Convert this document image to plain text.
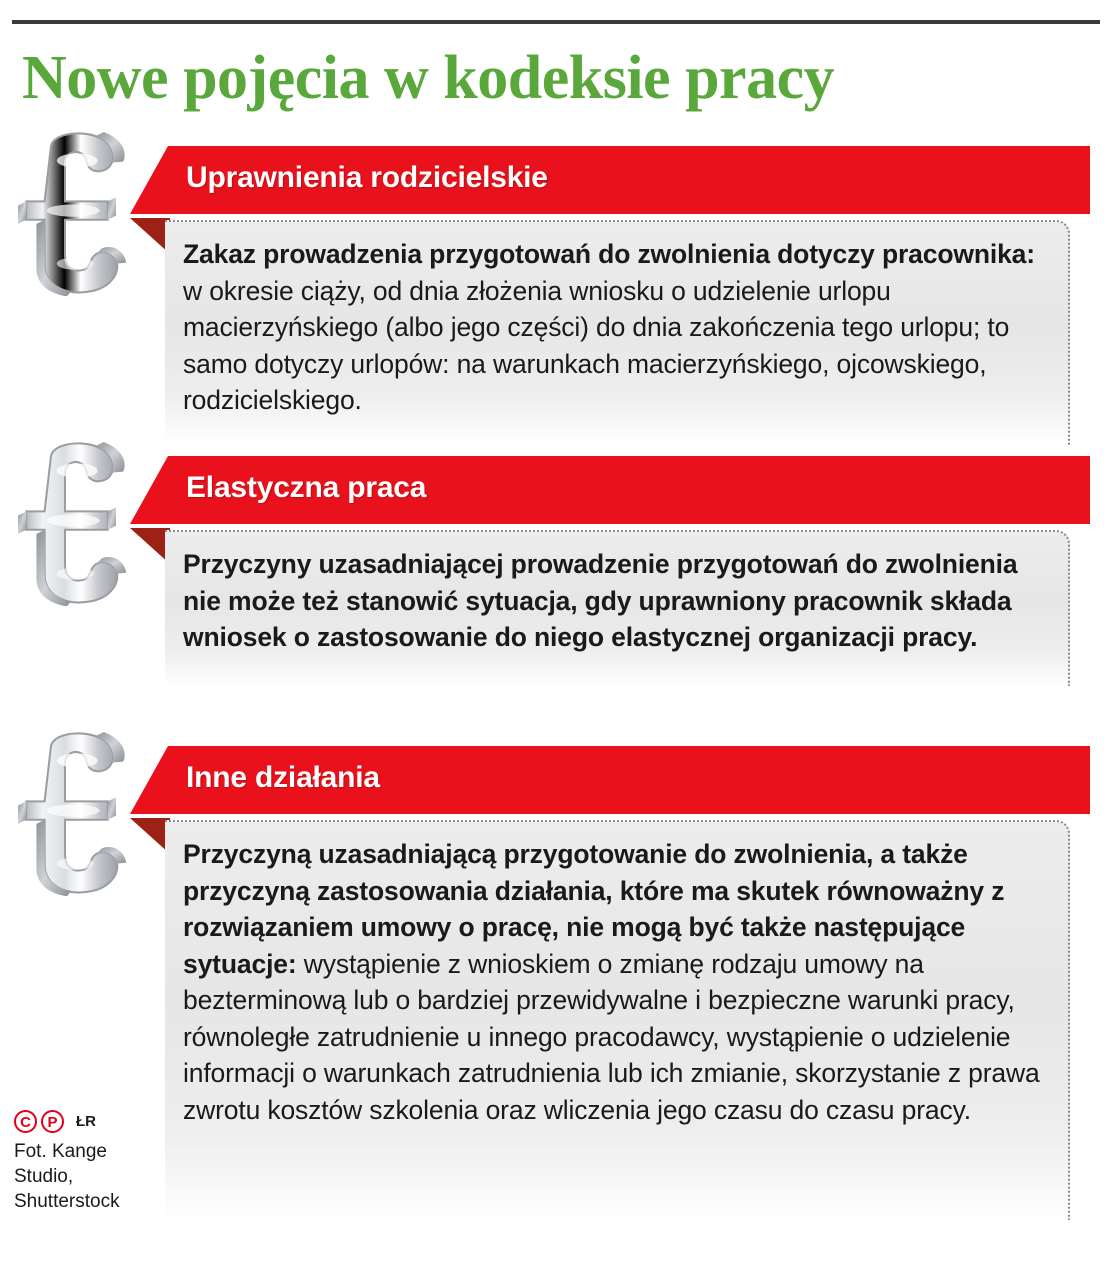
Nowe pojęcia w kodeksie pracy
Uprawnienia rodzicielskie

Zakaz prowadzenia przygotowań do zwolnienia dotyczy pracownika: w okresie ciąży, od dnia złożenia wniosku o udzielenie urlopu macierzyńskiego (albo jego części) do dnia zakończenia tego urlopu; to samo dotyczy urlopów: na warunkach macierzyńskiego, ojcowskiego, rodzicielskiego.

Elastyczna praca

Przyczyny uzasadniającej prowadzenie przygotowań do zwolnienia nie może też stanowić sytuacja, gdy uprawniony pracownik składa wniosek o zastosowanie do niego elastycznej organizacji pracy.

Inne działania

Przyczyną uzasadniającą przygotowanie do zwolnienia, a także przyczyną zastosowania działania, które ma skutek równoważny z rozwiązaniem umowy o pracę, nie mogą być także następujące sytuacje: wystąpienie z wnioskiem o zmianę rodzaju umowy na bezterminową lub o bardziej przewidywalne i bezpieczne warunki pracy, równoległe zatrudnienie u innego pracodawcy, wystąpienie o udzielenie informacji o warunkach zatrudnienia lub ich zmianie, skorzystanie z prawa zwrotu kosztów szkolenia oraz wliczenia jego czasu do czasu pracy.

C	P	ŁR
Fot. Kange Studio, Shutterstock
